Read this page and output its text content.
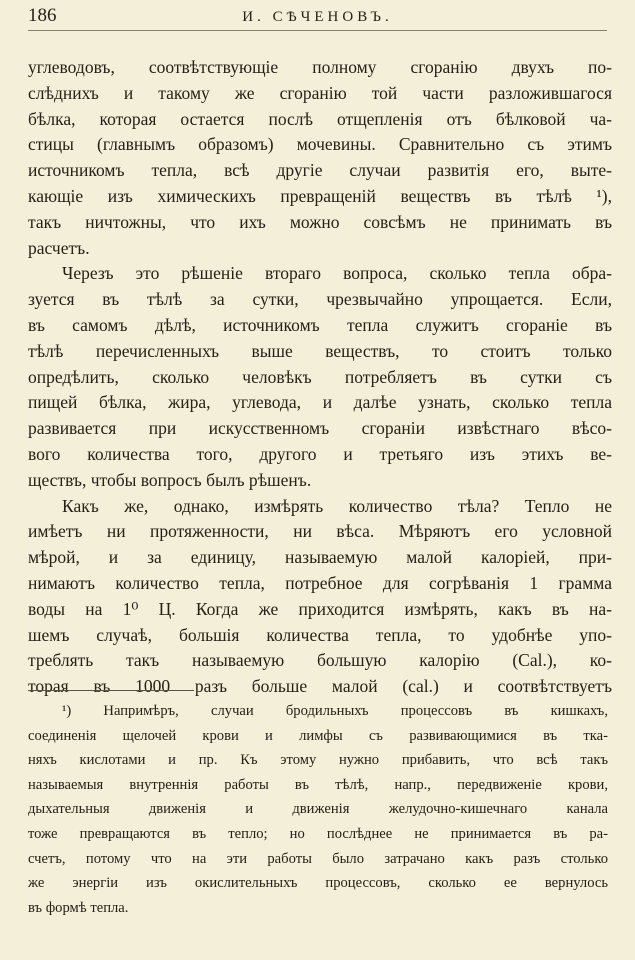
186	И. СѢЧЕНОВЪ.
углеводовъ, соотвѣтствующіе полному сгоранію двухъ по-
слѣднихъ и такому же сгоранію той части разложившагося
бѣлка, которая остается послѣ отщепленія отъ бѣлковой ча-
стицы (главнымъ образомъ) мочевины. Сравнительно съ этимъ
источникомъ тепла, всѣ другіе случаи развитія его, выте-
кающіе изъ химическихъ превращеній веществъ въ тѣлѣ ¹),
такъ ничтожны, что ихъ можно совсѣмъ не принимать въ
расчетъ.
Черезъ это рѣшеніе втораго вопроса, сколько тепла обра-
зуется въ тѣлѣ за сутки, чрезвычайно упрощается. Если,
въ самомъ дѣлѣ, источникомъ тепла служитъ сгораніе въ
тѣлѣ перечисленныхъ выше веществъ, то стоитъ только
опредѣлить, сколько человѣкъ потребляетъ въ сутки съ
пищей бѣлка, жира, углевода, и далѣе узнать, сколько тепла
развивается при искусственномъ сгораніи извѣстнаго вѣсо-
вого количества того, другого и третьяго изъ этихъ ве-
ществъ, чтобы вопросъ былъ рѣшенъ.
Какъ же, однако, измѣрять количество тѣла? Тепло не
имѣетъ ни протяженности, ни вѣса. Мѣряютъ его условной
мѣрой, и за единицу, называемую малой калоріей, при-
нимаютъ количество тепла, потребное для согрѣванія 1 грамма
воды на 1⁰ Ц. Когда же приходится измѣрять, какъ въ на-
шемъ случаѣ, большія количества тепла, то удобнѣе упо-
треблять такъ называемую большую калорію (Cal.), ко-
торая въ 1000 разъ больше малой (cal.) и соотвѣтствуетъ
¹) Напримѣръ, случаи бродильныхъ процессовъ въ кишкахъ,
соединенія щелочей крови и лимфы съ развивающимися въ тка-
няхъ кислотами и пр. Къ этому нужно прибавить, что всѣ такъ
называемыя внутреннія работы въ тѣлѣ, напр., передвиженіе крови,
дыхательныя движенія и движенія желудочно-кишечнаго канала
тоже превращаются въ тепло; но послѣднее не принимается въ ра-
счетъ, потому что на эти работы было затрачано какъ разъ столько
же энергіи изъ окислительныхъ процессовъ, сколько ее вернулось
въ формѣ тепла.
